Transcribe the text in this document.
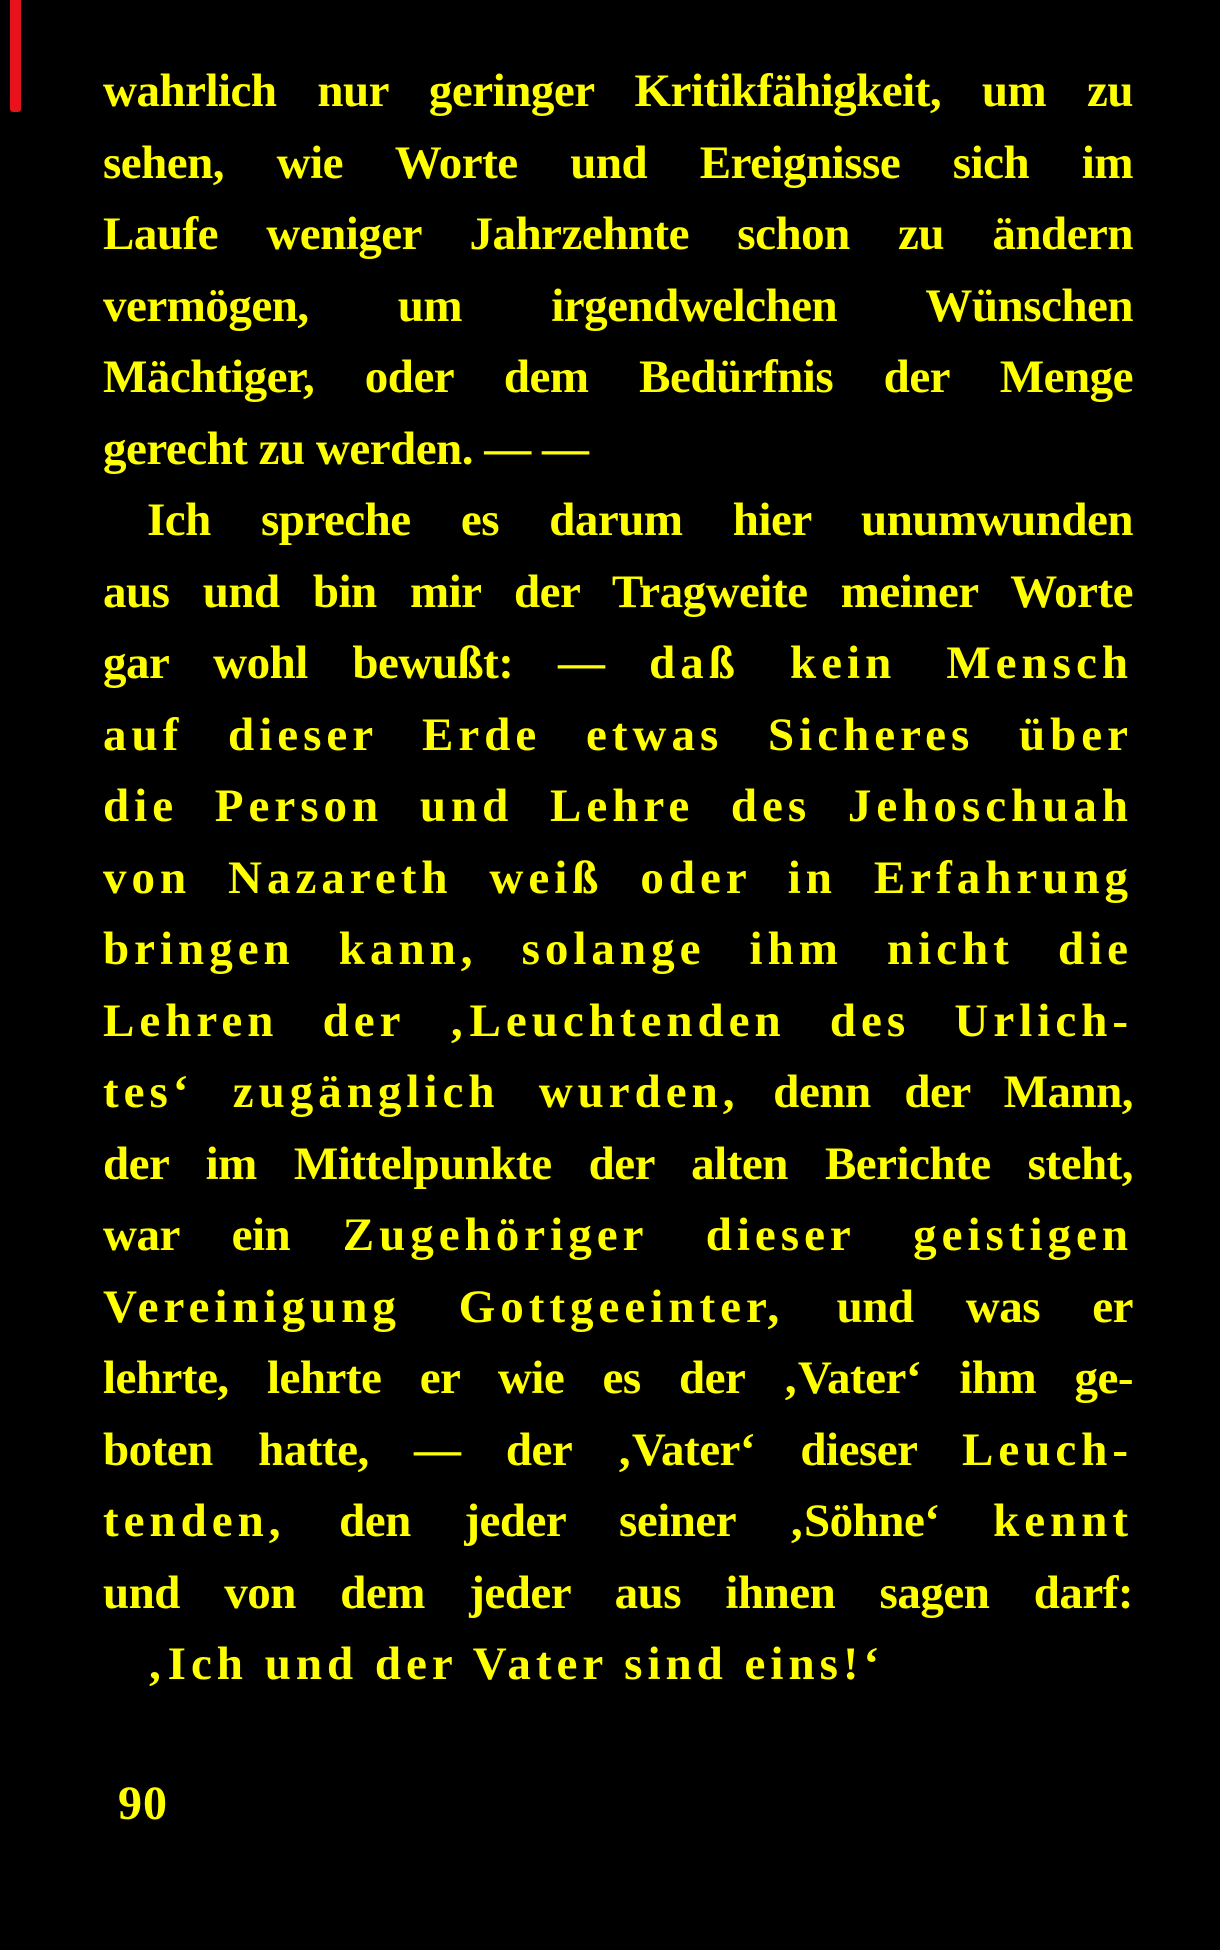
wahrlich nur geringer Kritikfähigkeit, um zu
sehen, wie Worte und Ereignisse sich im
Laufe weniger Jahrzehnte schon zu ändern
vermögen, um irgendwelchen Wünschen
Mächtiger, oder dem Bedürfnis der Menge
gerecht zu werden. — —
Ich spreche es darum hier unumwunden
aus und bin mir der Tragweite meiner Worte
gar wohl bewußt: — daß kein Mensch
auf dieser Erde etwas Sicheres über
die Person und Lehre des Jehoschuah
von Nazareth weiß oder in Erfahrung
bringen kann, solange ihm nicht die
Lehren der ‚Leuchtenden des Urlich-
tes‘ zugänglich wurden, denn der Mann,
der im Mittelpunkte der alten Berichte steht,
war ein Zugehöriger dieser geistigen
Vereinigung Gottgeeinter, und was er
lehrte, lehrte er wie es der ‚Vater‘ ihm ge-
boten hatte, — der ‚Vater‘ dieser Leuch-
tenden, den jeder seiner ‚Söhne‘ kennt
und von dem jeder aus ihnen sagen darf:
‚Ich und der Vater sind eins!‘
90
